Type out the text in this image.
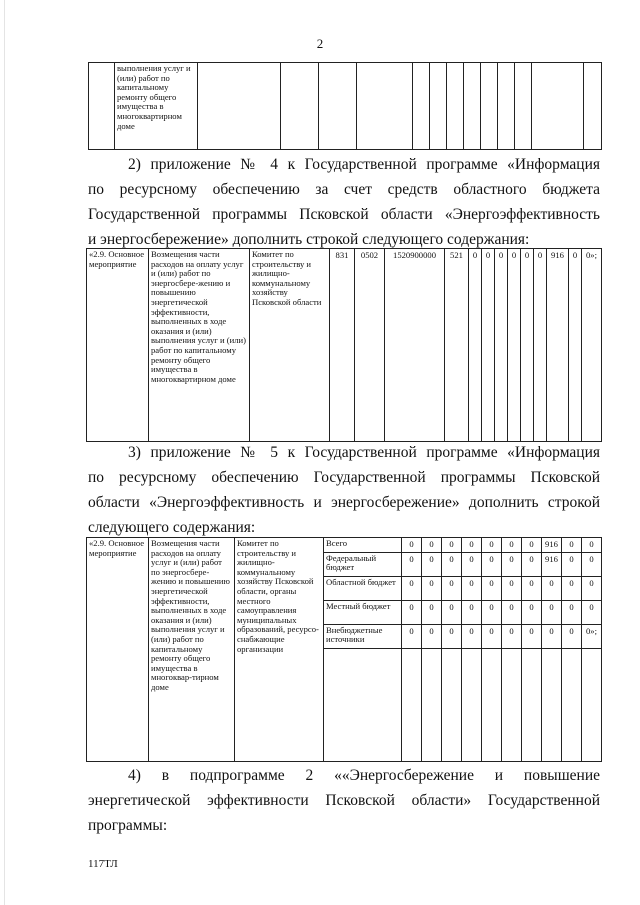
2
	выполнения услуг и (или) работ по капитальному ремонту общего имущества в многоквартирном доме													
2) приложение № 4 к Государственной программе «Информация
по ресурсному обеспечению за счет средств областного бюджета
Государственной программы Псковской области «Энергоэффективность
и энергосбережение» дополнить строкой следующего содержания:
«2.9. Основное мероприятие	Возмещения части расходов на оплату услуг и (или) работ по энергосбере-жению и повышению энергетической эффективности, выполненных в ходе оказания и (или) выполнения услуг и (или) работ по капитальному ремонту общего имущества в многоквартирном доме	Комитет по строительству и жилищно-коммунальному хозяйству Псковской области	831	0502	1520900000	521	0	0	0	0	0	0	916	0	0»;
3) приложение № 5 к Государственной программе «Информация
по ресурсному обеспечению Государственной программы Псковской
области «Энергоэффективность и энергосбережение» дополнить строкой
следующего содержания:
«2.9. Основное мероприятие	Возмещения части расходов на оплату услуг и (или) работ по энергосбере-жению и повышению энергетической эффективности, выполненных в ходе оказания и (или) выполнения услуг и (или) работ по капитальному ремонту общего имущества в многоквар-тирном доме	Комитет по строительству и жилищно-коммунальному хозяйству Псковской области, органы местного самоуправления муниципальных образований, ресурсо-снабжающие организации	Всего	0	0	0	0	0	0	0	916	0	0
			Федеральный бюджет	0	0	0	0	0	0	0	916	0	0
			Областной бюджет	0	0	0	0	0	0	0	0	0	0
			Местный бюджет	0	0	0	0	0	0	0	0	0	0
			Внебюджетные источники	0	0	0	0	0	0	0	0	0	0»;

4) в подпрограмме 2 ««Энергосбережение и повышение
энергетической эффективности Псковской области» Государственной
программы:
117ТЛ
